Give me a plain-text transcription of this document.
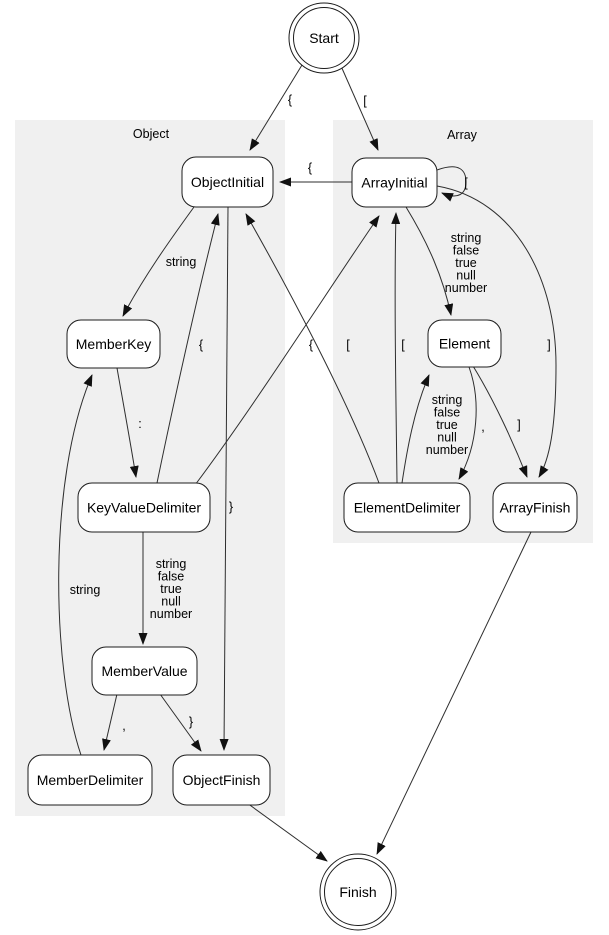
Object	Array
{	[
{
[
string
}
:
string
false
true
null
number
{	[
,	}
string
{	[
string
false
true
null
number
,	]
string
false
true
null
number
]
Start
ObjectInitial	ArrayInitial
MemberKey	Element
KeyValueDelimiter	ElementDelimiter	ArrayFinish
MemberValue
MemberDelimiter	ObjectFinish
Finish
